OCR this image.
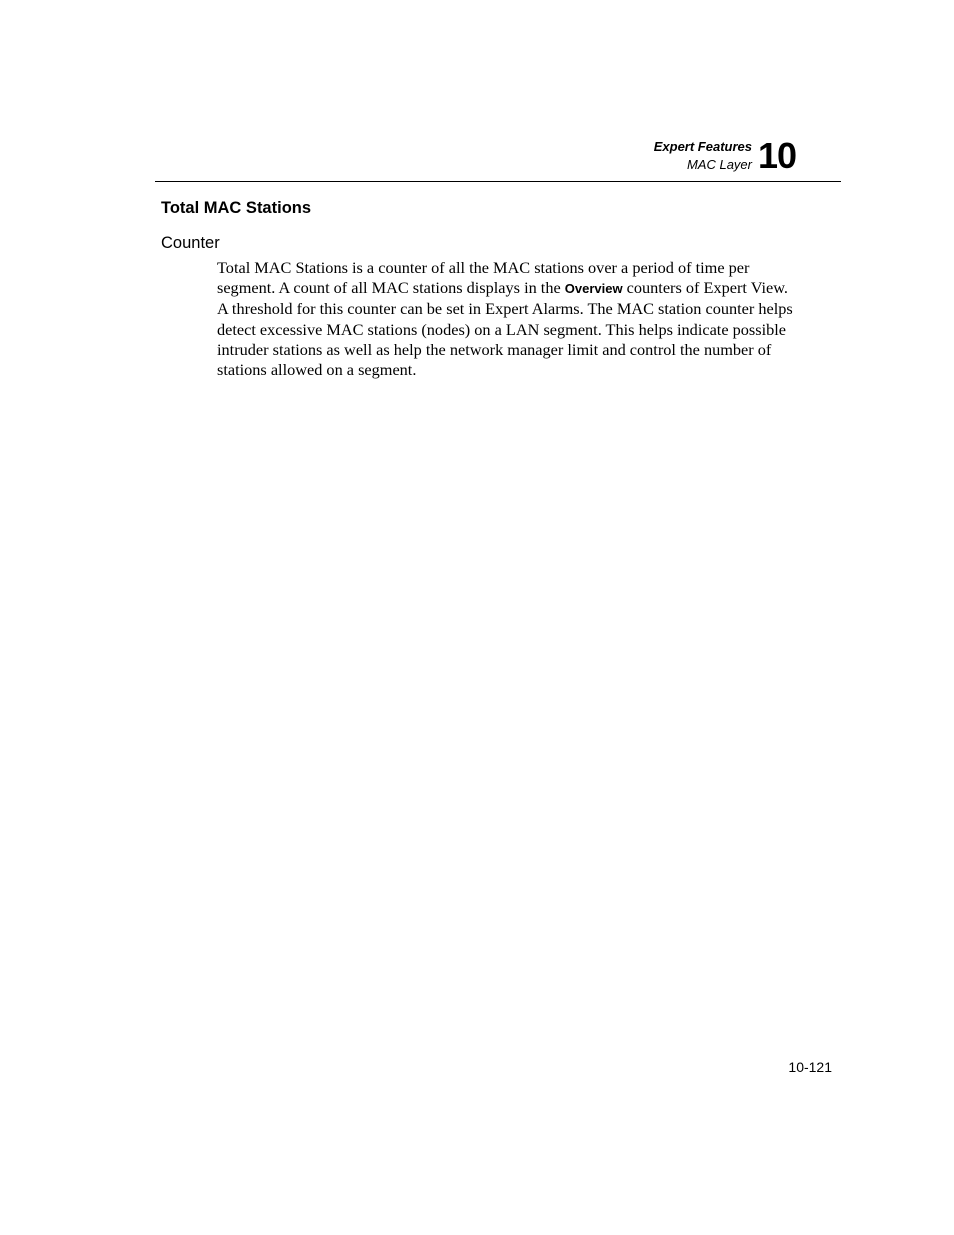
Expert Features
MAC Layer 10
Total MAC Stations
Counter

Total MAC Stations is a counter of all the MAC stations over a period of time per segment. A count of all MAC stations displays in the Overview counters of Expert View. A threshold for this counter can be set in Expert Alarms. The MAC station counter helps detect excessive MAC stations (nodes) on a LAN segment. This helps indicate possible intruder stations as well as help the network manager limit and control the number of stations allowed on a segment.

10-121
